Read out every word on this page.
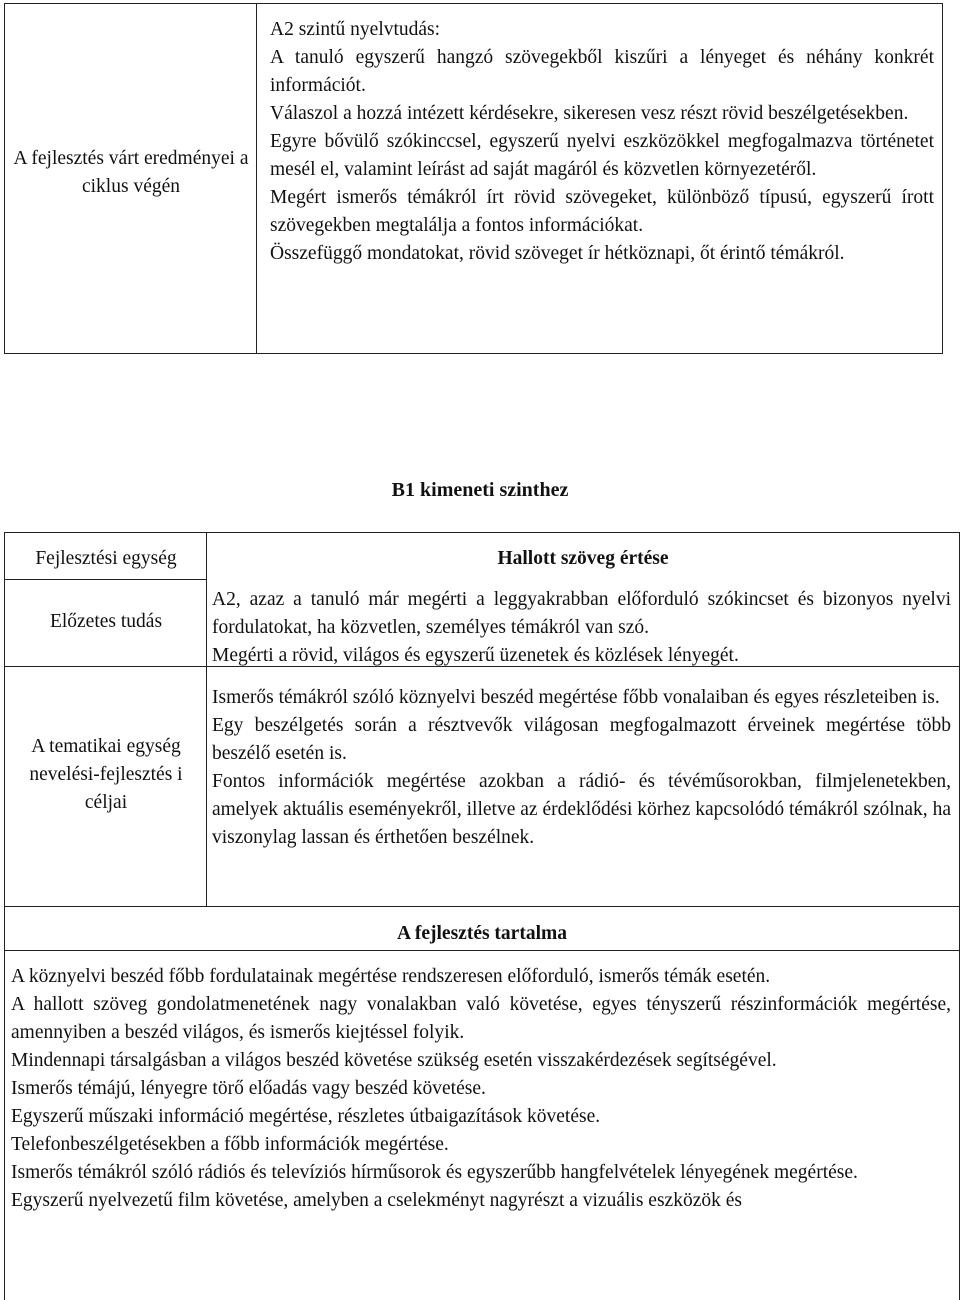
A fejlesztés várt eredményei a ciklus végén

A2 szintű nyelvtudás:

A tanuló egyszerű hangzó szövegekből kiszűri a lényeget és néhány konkrét információt.

Válaszol a hozzá intézett kérdésekre, sikeresen vesz részt rövid beszélgetésekben.

Egyre bővülő szókinccsel, egyszerű nyelvi eszközökkel megfogalmazva történetet mesél el, valamint leírást ad saját magáról és közvetlen környezetéről.

Megért ismerős témákról írt rövid szövegeket, különböző típusú, egyszerű írott szövegekben megtalálja a fontos információkat.

Összefüggő mondatokat, rövid szöveget ír hétköznapi, őt érintő témákról.

B1 kimeneti szinthez
Fejlesztési egység	Hallott szöveg értése
Előzetes tudás

A2, azaz a tanuló már megérti a leggyakrabban előforduló szókincset és bizonyos nyelvi fordulatokat, ha közvetlen, személyes témákról van szó.

Megérti a rövid, világos és egyszerű üzenetek és közlések lényegét.

A tematikai egység nevelési-fejlesztés i céljai

Ismerős témákról szóló köznyelvi beszéd megértése főbb vonalaiban és egyes részleteiben is.

Egy beszélgetés során a résztvevők világosan megfogalmazott érveinek megértése több beszélő esetén is.

Fontos információk megértése azokban a rádió- és tévéműsorokban, filmjelenetekben, amelyek aktuális eseményekről, illetve az érdeklődési körhez kapcsolódó témákról szólnak, ha viszonylag lassan és érthetően beszélnek.

A fejlesztés tartalma

A köznyelvi beszéd főbb fordulatainak megértése rendszeresen előforduló, ismerős témák esetén.

A hallott szöveg gondolatmenetének nagy vonalakban való követése, egyes tényszerű részinformációk megértése, amennyiben a beszéd világos, és ismerős kiejtéssel folyik.

Mindennapi társalgásban a világos beszéd követése szükség esetén visszakérdezések segítségével.

Ismerős témájú, lényegre törő előadás vagy beszéd követése.

Egyszerű műszaki információ megértése, részletes útbaigazítások követése.

Telefonbeszélgetésekben a főbb információk megértése.

Ismerős témákról szóló rádiós és televíziós hírműsorok és egyszerűbb hangfelvételek lényegének megértése.

Egyszerű nyelvezetű film követése, amelyben a cselekményt nagyrészt a vizuális eszközök és
